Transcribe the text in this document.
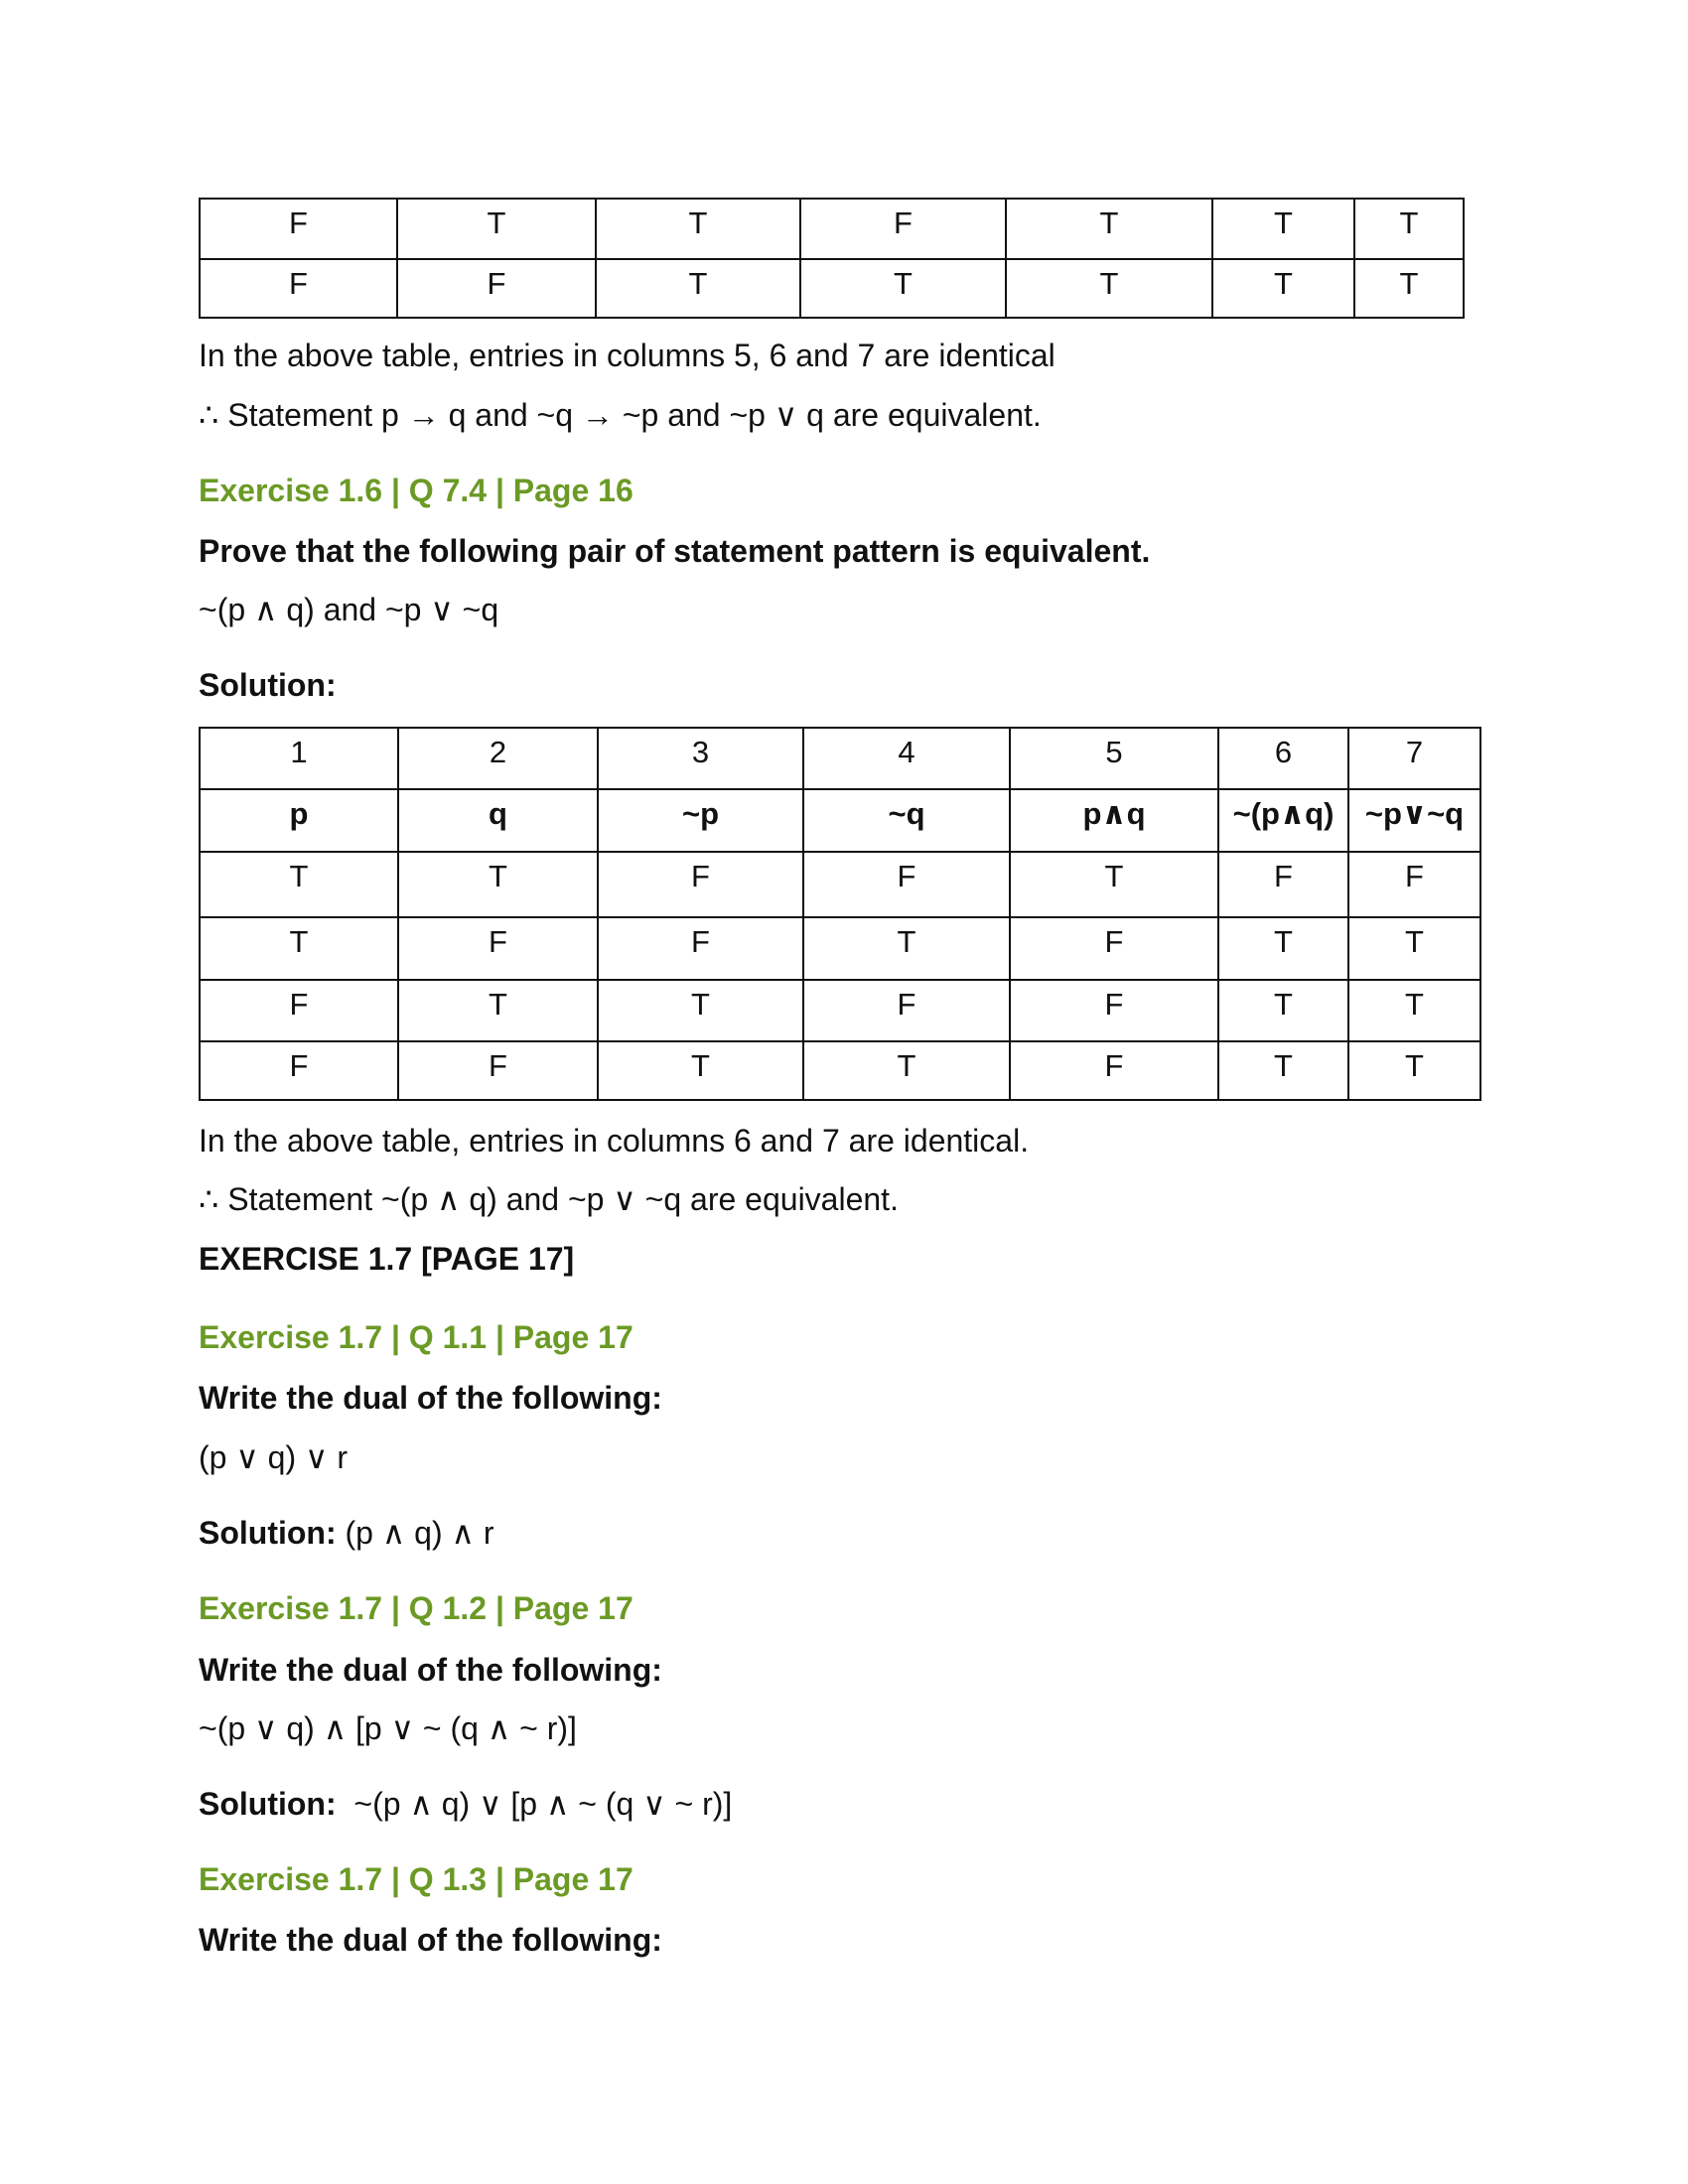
F	T	T	F	T	T	T
F	F	T	T	T	T	T

In the above table, entries in columns 5, 6 and 7 are identical

∴ Statement p → q and ~q → ~p and ~p ∨ q are equivalent.

Exercise 1.6 | Q 7.4 | Page 16

Prove that the following pair of statement pattern is equivalent.

~(p ∧ q) and ~p ∨ ~q

Solution:

1	2	3	4	5	6	7
p	q	~p	~q	p∧q	~(p∧q)	~p∨~q
T	T	F	F	T	F	F
T	F	F	T	F	T	T
F	T	T	F	F	T	T
F	F	T	T	F	T	T

In the above table, entries in columns 6 and 7 are identical.

∴ Statement ~(p ∧ q) and ~p ∨ ~q are equivalent.

EXERCISE 1.7 [PAGE 17]

Exercise 1.7 | Q 1.1 | Page 17

Write the dual of the following:

(p ∨ q) ∨ r

Solution: (p ∧ q) ∧ r

Exercise 1.7 | Q 1.2 | Page 17

Write the dual of the following:

~(p ∨ q) ∧ [p ∨ ~ (q ∧ ~ r)]

Solution:  ~(p ∧ q) ∨ [p ∧ ~ (q ∨ ~ r)]

Exercise 1.7 | Q 1.3 | Page 17

Write the dual of the following:
